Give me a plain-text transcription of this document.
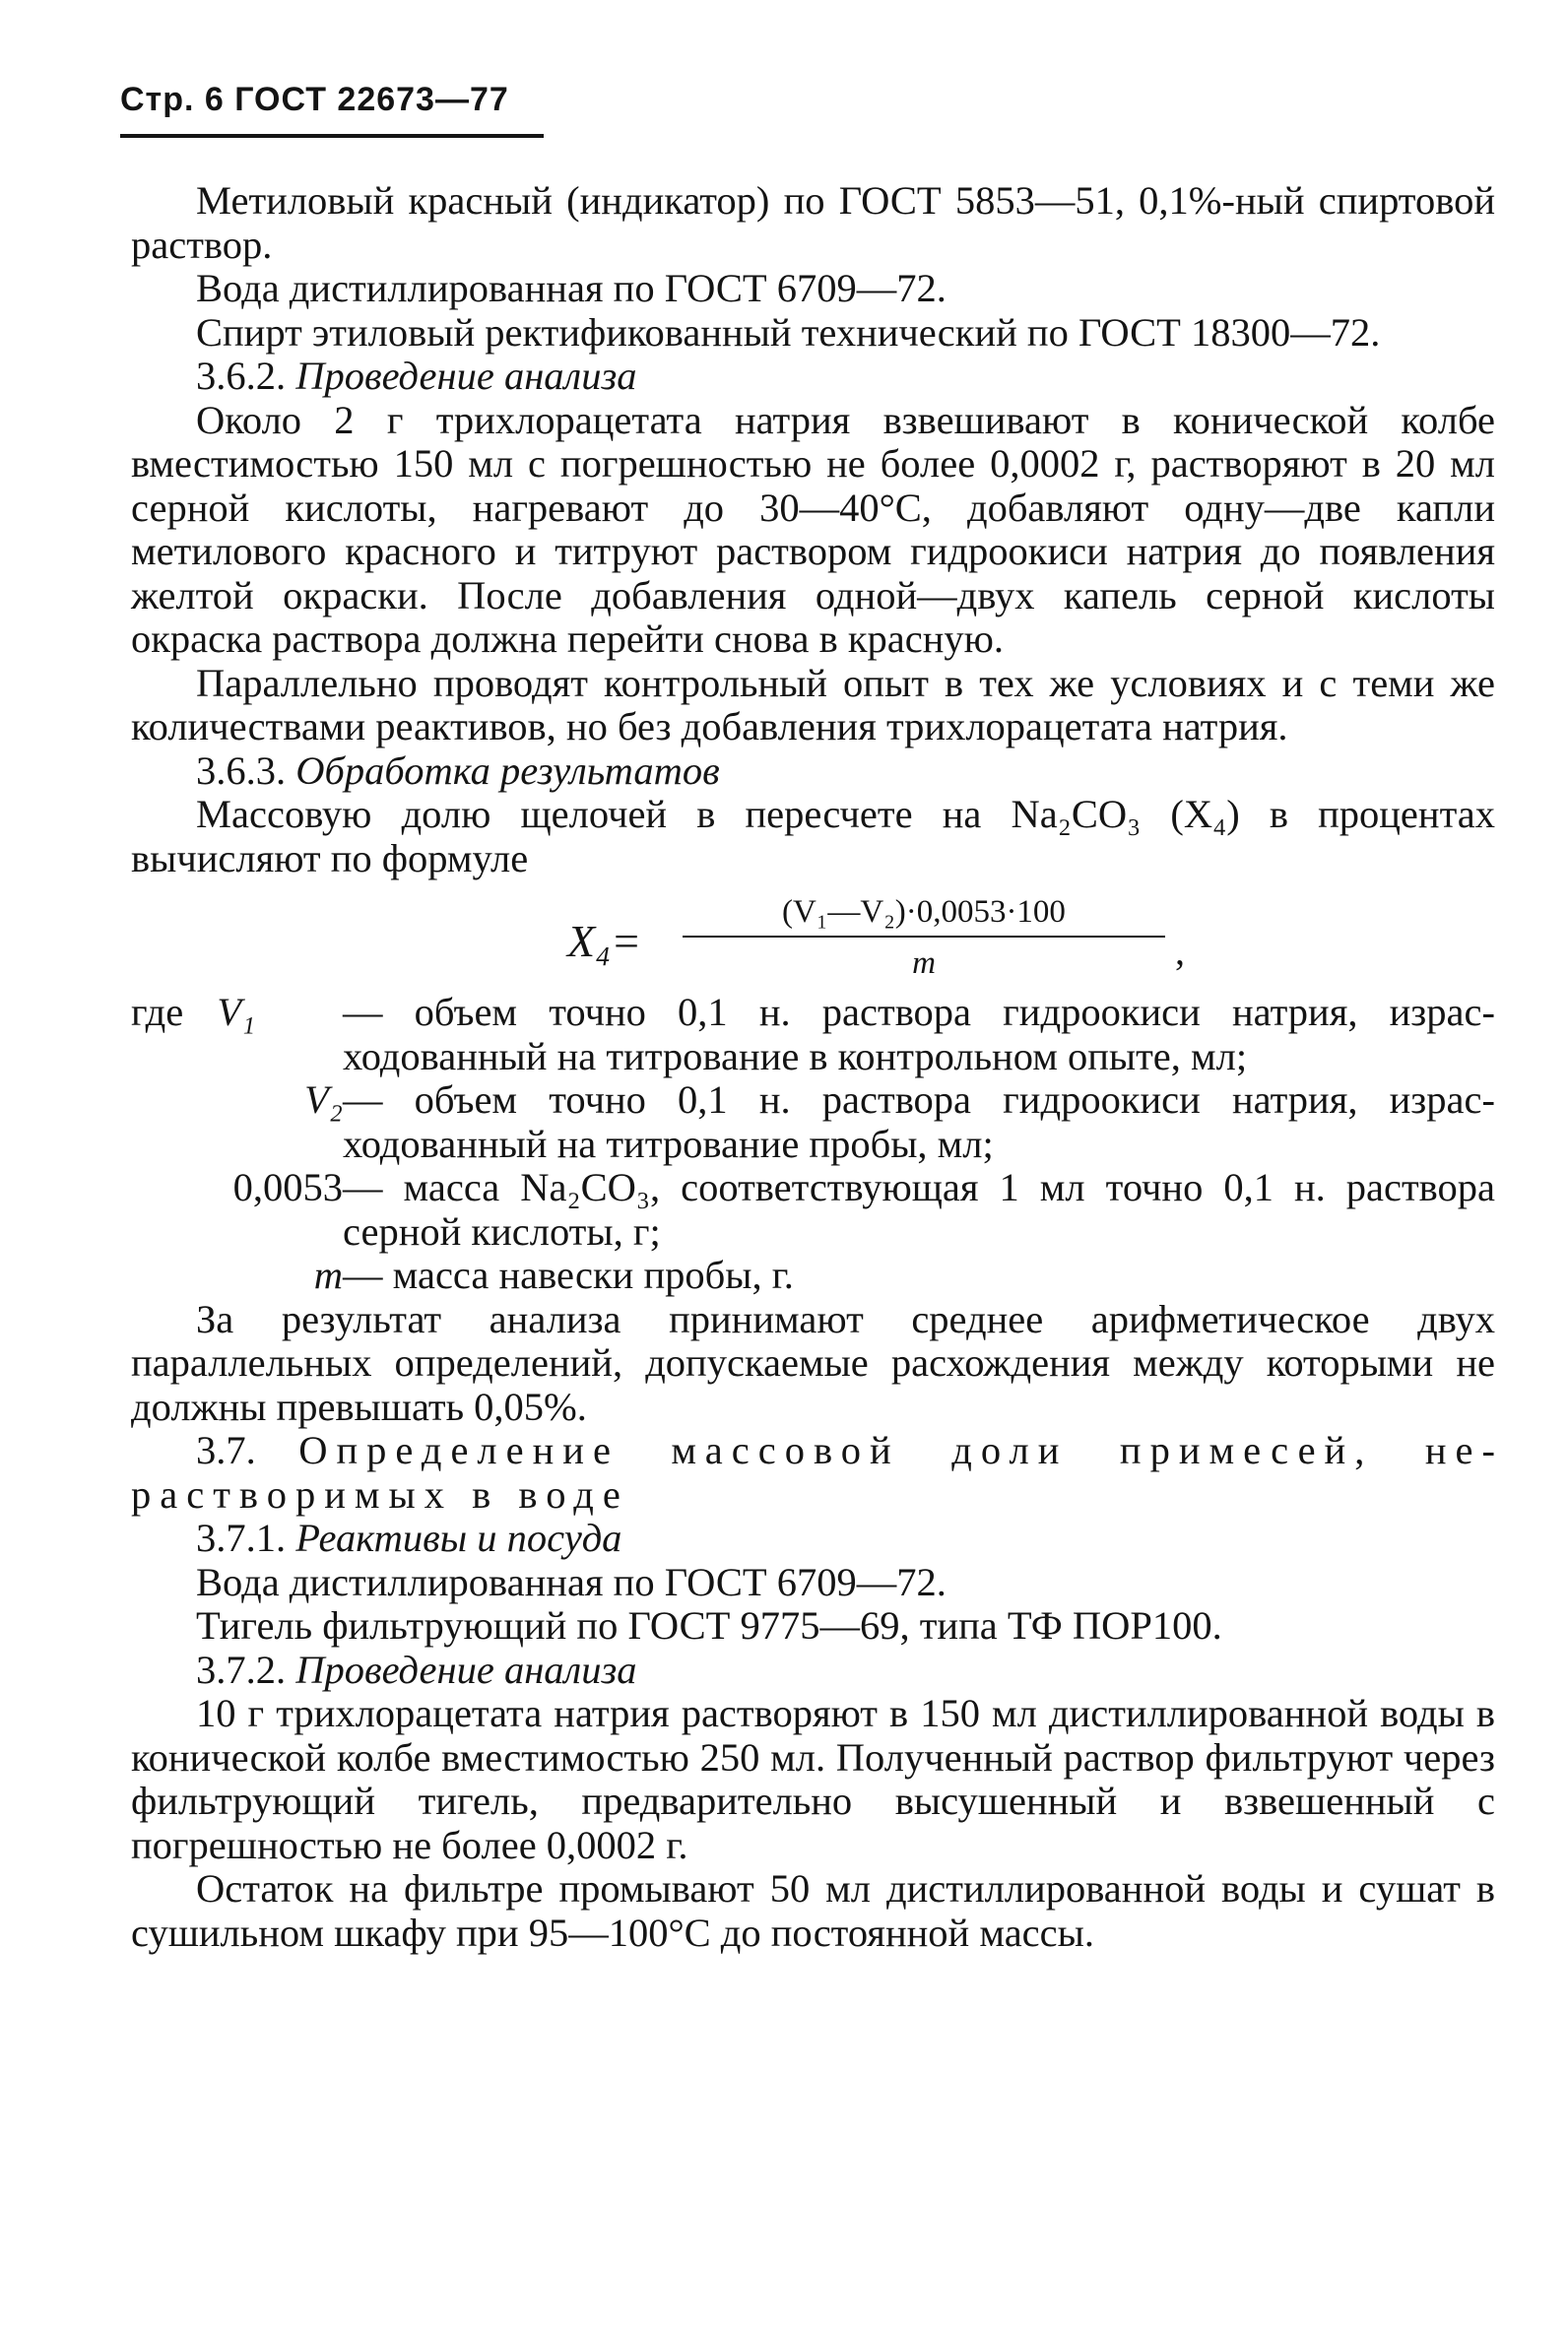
Стр. 6 ГОСТ 22673—77

Метиловый красный (индикатор) по ГОСТ 5853—51, 0,1%-ный спиртовой раствор.

Вода дистиллированная по ГОСТ 6709—72.

Спирт этиловый ректификованный технический по ГОСТ 18300—72.

3.6.2. Проведение анализа

Около 2 г трихлорацетата натрия взвешивают в конической колбе вместимостью 150 мл с погрешностью не более 0,0002 г, растворяют в 20 мл серной кислоты, нагревают до 30—40°С, добавляют одну—две капли метилового красного и титруют раствором гидроокиси натрия до появления желтой окраски. После добавления одной—двух капель серной кислоты окраска раствора должна перейти снова в красную.

Параллельно проводят контрольный опыт в тех же условиях и с теми же количествами реактивов, но без добавления трихлорацетата натрия.

3.6.3. Обработка результатов

Массовую долю щелочей в пересчете на Na₂CO₃ (X₄) в процентах вычисляют по формуле

X₄=
(V₁—V₂)·0,0053·100
m	,
где V₁	— объем точно 0,1 н. раствора гидроокиси натрия, израсходованный на титрование в контрольном опыте, мл;
V₂	— объем точно 0,1 н. раствора гидроокиси натрия, израсходованный на титрование пробы, мл;
0,0053	— масса Na₂CO₃, соответствующая 1 мл точно 0,1 н. раствора серной кислоты, г;
m	— масса навески пробы, г.

За результат анализа принимают среднее арифметическое двух параллельных определений, допускаемые расхождения между которыми не должны превышать 0,05%.

3.7. Определение массовой доли примесей, нерастворимых в воде

3.7.1. Реактивы и посуда

Вода дистиллированная по ГОСТ 6709—72.

Тигель фильтрующий по ГОСТ 9775—69, типа ТФ ПОР100.

3.7.2. Проведение анализа

10 г трихлорацетата натрия растворяют в 150 мл дистиллированной воды в конической колбе вместимостью 250 мл. Полученный раствор фильтруют через фильтрующий тигель, предварительно высушенный и взвешенный с погрешностью не более 0,0002 г.

Остаток на фильтре промывают 50 мл дистиллированной воды и сушат в сушильном шкафу при 95—100°С до постоянной массы.
